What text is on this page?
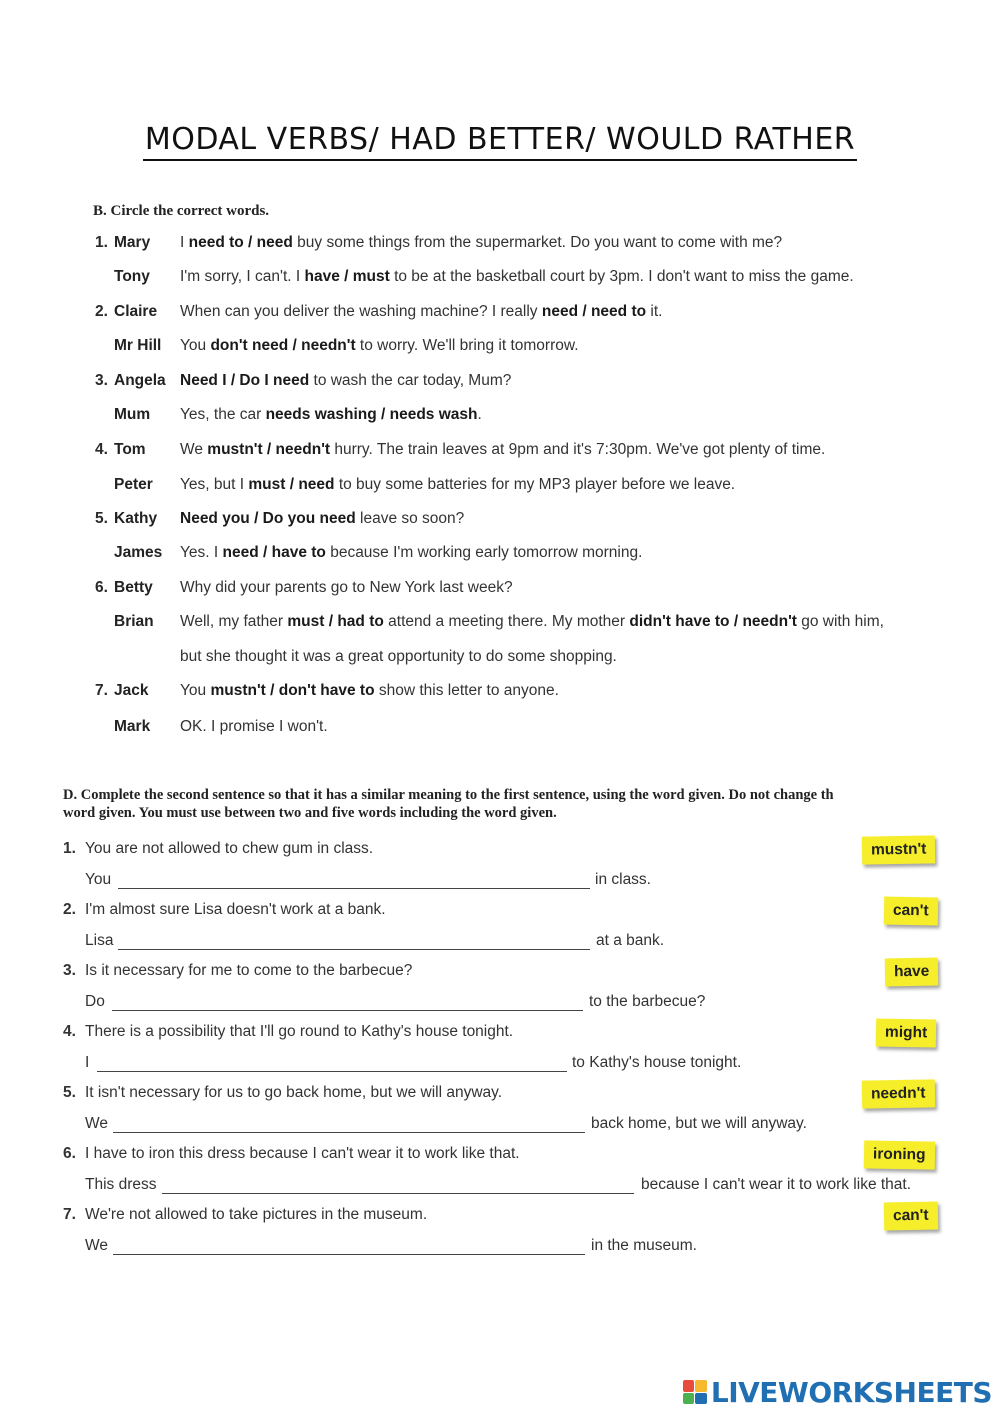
MODAL VERBS/ HAD BETTER/ WOULD RATHER
B. Circle the correct words.
1. Mary I need to / need buy some things from the supermarket. Do you want to come with me?
Tony I'm sorry, I can't. I have / must to be at the basketball court by 3pm. I don't want to miss the game.
2. Claire When can you deliver the washing machine? I really need / need to it.
Mr Hill You don't need / needn't to worry. We'll bring it tomorrow.
3. Angela Need I / Do I need to wash the car today, Mum?
Mum Yes, the car needs washing / needs wash.
4. Tom We mustn't / needn't hurry. The train leaves at 9pm and it's 7:30pm. We've got plenty of time.
Peter Yes, but I must / need to buy some batteries for my MP3 player before we leave.
5. Kathy Need you / Do you need leave so soon?
James Yes. I need / have to because I'm working early tomorrow morning.
6. Betty Why did your parents go to New York last week?
Brian Well, my father must / had to attend a meeting there. My mother didn't have to / needn't go with him,
but she thought it was a great opportunity to do some shopping.
7. Jack You mustn't / don't have to show this letter to anyone.
Mark OK. I promise I won't.
D. Complete the second sentence so that it has a similar meaning to the first sentence, using the word given. Do not change th
word given. You must use between two and five words including the word given.
1. You are not allowed to chew gum in class.
You	in class.
mustn't
2. I'm almost sure Lisa doesn't work at a bank.
Lisa	at a bank.
can't
3. Is it necessary for me to come to the barbecue?
Do	to the barbecue?
have
4. There is a possibility that I'll go round to Kathy's house tonight.
I	to Kathy's house tonight.
might
5. It isn't necessary for us to go back home, but we will anyway.
We	back home, but we will anyway.
needn't
6. I have to iron this dress because I can't wear it to work like that.
This dress	because I can't wear it to work like that.
ironing
7. We're not allowed to take pictures in the museum.
We	in the museum.
can't
LIVEWORKSHEETS
